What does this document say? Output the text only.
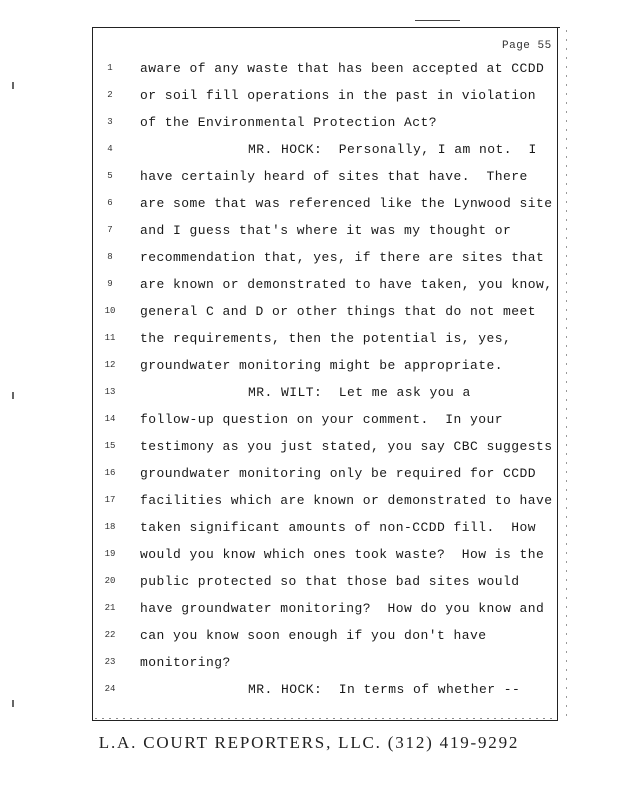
Page 55
1	aware of any waste that has been accepted at CCDD
2	or soil fill operations in the past in violation
3	of the Environmental Protection Act?
4	MR. HOCK:  Personally, I am not.  I
5	have certainly heard of sites that have.  There
6	are some that was referenced like the Lynwood site
7	and I guess that's where it was my thought or
8	recommendation that, yes, if there are sites that
9	are known or demonstrated to have taken, you know,
10	general C and D or other things that do not meet
11	the requirements, then the potential is, yes,
12	groundwater monitoring might be appropriate.
13	MR. WILT:  Let me ask you a
14	follow-up question on your comment.  In your
15	testimony as you just stated, you say CBC suggests
16	groundwater monitoring only be required for CCDD
17	facilities which are known or demonstrated to have
18	taken significant amounts of non-CCDD fill.  How
19	would you know which ones took waste?  How is the
20	public protected so that those bad sites would
21	have groundwater monitoring?  How do you know and
22	can you know soon enough if you don't have
23	monitoring?
24	MR. HOCK:  In terms of whether --
L.A. COURT REPORTERS, LLC. (312) 419-9292
